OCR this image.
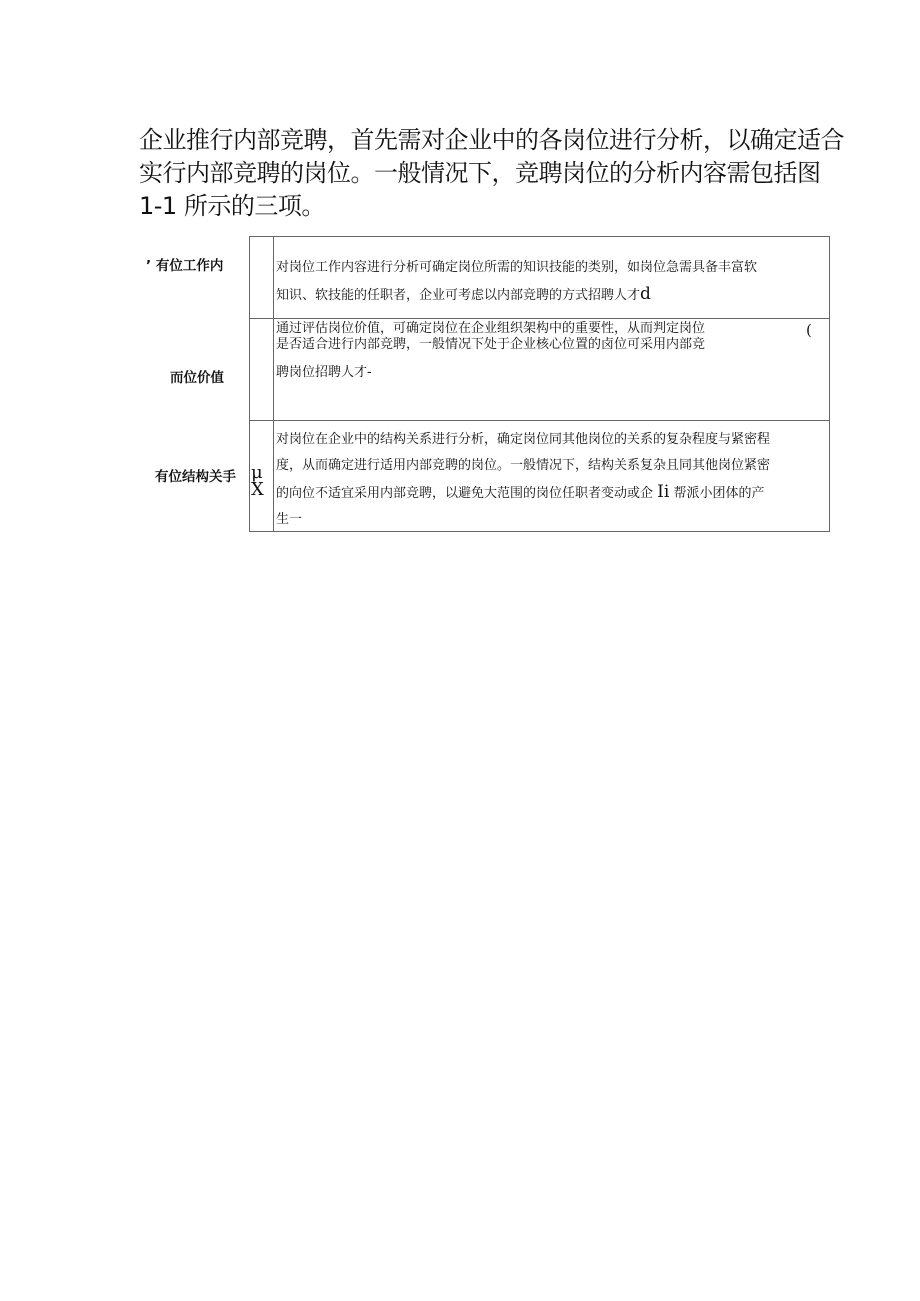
企业推行内部竞聘，首先需对企业中的各岗位进行分析，以确定适合

实行内部竞聘的岗位。一般情况下，竞聘岗位的分析内容需包括图

1-1 所示的三项。

’ 有位工作内
而位价值
有位结构关手 μ
X

对岗位工作内容进行分析可确定岗位所需的知识技能的类别，如岗位急需具备丰富软

知识、软技能的任职者，企业可考虑以内部竞聘的方式招聘人才d

通过评估岗位价值，可确定岗位在企业组织架构中的重要性，从而判定岗位

是否适合进行内部竞聘，一般情况下处于企业核心位置的卤位可采用内部竞

聘岗位招聘人才-

(

对岗位在企业中的结构关系进行分析，确定岗位同其他岗位的关系的复杂程度与紧密程

度，从而确定进行适用内部竞聘的岗位。一般情况下，结构关系复杂且同其他岗位紧密

的向位不适宜采用内部竞聘，以避免大范围的岗位任职者变动或企 Ii 帮派小团体的产

生一
